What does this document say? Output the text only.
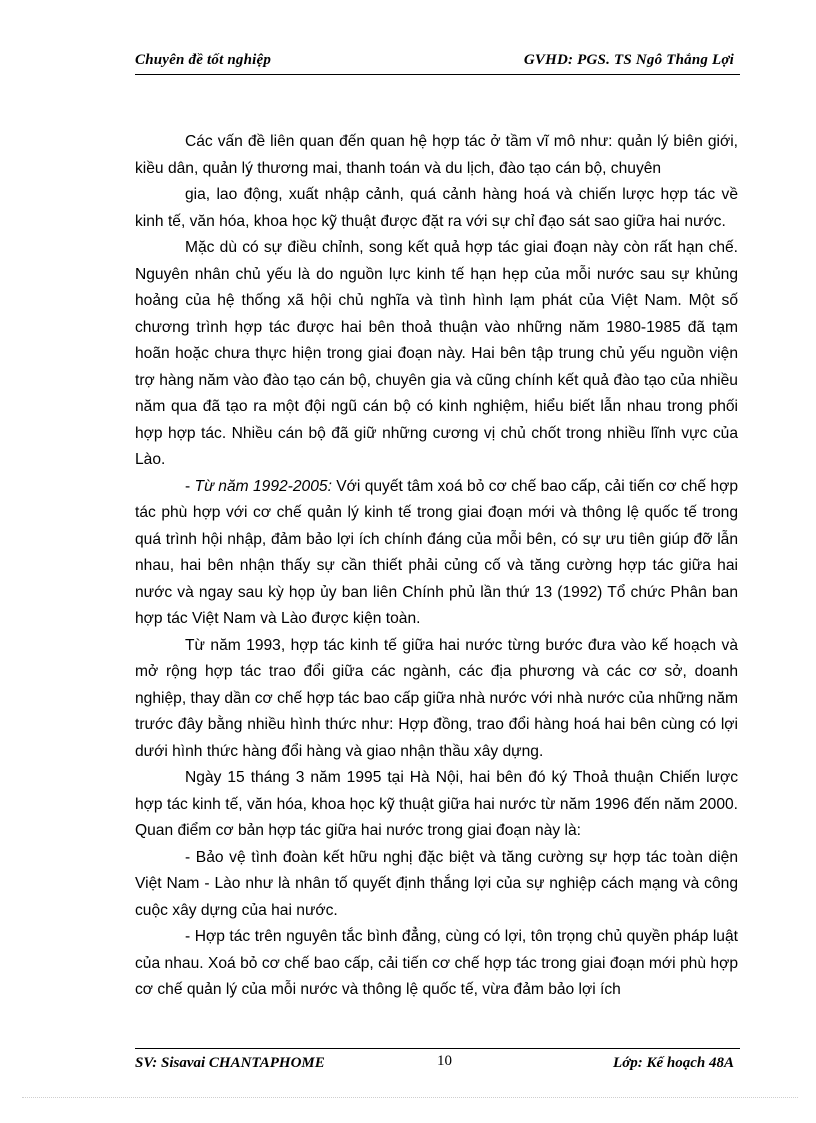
Chuyên đề tốt nghiệp	GVHD: PGS. TS Ngô Thắng Lợi

Các vấn đề liên quan đến quan hệ hợp tác ở tầm vĩ mô như: quản lý biên giới, kiều dân, quản lý thương mai, thanh toán và du lịch, đào tạo cán bộ, chuyên

gia, lao động, xuất nhập cảnh, quá cảnh hàng hoá và chiến lược hợp tác về kinh tế, văn hóa, khoa học kỹ thuật được đặt ra với sự chỉ đạo sát sao giữa hai nước.

Mặc dù có sự điều chỉnh, song kết quả hợp tác giai đoạn này còn rất hạn chế. Nguyên nhân chủ yếu là do nguồn lực kinh tế hạn hẹp của mỗi nước sau sự khủng hoảng của hệ thống xã hội chủ nghĩa và tình hình lạm phát của Việt Nam. Một số chương trình hợp tác được hai bên thoả thuận vào những năm 1980-1985 đã tạm hoãn hoặc chưa thực hiện trong giai đoạn này. Hai bên tập trung chủ yếu nguồn viện trợ hàng năm vào đào tạo cán bộ, chuyên gia và cũng chính kết quả đào tạo của nhiều năm qua đã tạo ra một đội ngũ cán bộ có kinh nghiệm, hiểu biết lẫn nhau trong phối hợp hợp tác. Nhiều cán bộ đã giữ những cương vị chủ chốt trong nhiều lĩnh vực của Lào.

- Từ năm 1992-2005: Với quyết tâm xoá bỏ cơ chế bao cấp, cải tiến cơ chế hợp tác phù hợp với cơ chế quản lý kinh tế trong giai đoạn mới và thông lệ quốc tế trong quá trình hội nhập, đảm bảo lợi ích chính đáng của mỗi bên, có sự ưu tiên giúp đỡ lẫn nhau, hai bên nhận thấy sự cần thiết phải củng cố và tăng cường hợp tác giữa hai nước và ngay sau kỳ họp ủy ban liên Chính phủ lần thứ 13 (1992) Tổ chức Phân ban hợp tác Việt Nam và Lào được kiện toàn.

Từ năm 1993, hợp tác kinh tế giữa hai nước từng bước đưa vào kế hoạch và mở rộng hợp tác trao đổi giữa các ngành, các địa phương và các cơ sở, doanh nghiệp, thay dần cơ chế hợp tác bao cấp giữa nhà nước với nhà nước của những năm trước đây bằng nhiều hình thức như: Hợp đồng, trao đổi hàng hoá hai bên cùng có lợi dưới hình thức hàng đổi hàng và giao nhận thầu xây dựng.

Ngày 15 tháng 3 năm 1995 tại Hà Nội, hai bên đó ký Thoả thuận Chiến lược hợp tác kinh tế, văn hóa, khoa học kỹ thuật giữa hai nước từ năm 1996 đến năm 2000. Quan điểm cơ bản hợp tác giữa hai nước trong giai đoạn này là:

- Bảo vệ tình đoàn kết hữu nghị đặc biệt và tăng cường sự hợp tác toàn diện Việt Nam - Lào như là nhân tố quyết định thắng lợi của sự nghiệp cách mạng và công cuộc xây dựng của hai nước.

- Hợp tác trên nguyên tắc bình đẳng, cùng có lợi, tôn trọng chủ quyền pháp luật của nhau. Xoá bỏ cơ chế bao cấp, cải tiến cơ chế hợp tác trong giai đoạn mới phù hợp cơ chế quản lý của mỗi nước và thông lệ quốc tế, vừa đảm bảo lợi ích

SV: Sisavai CHANTAPHOME	10	Lớp: Kế hoạch 48A
